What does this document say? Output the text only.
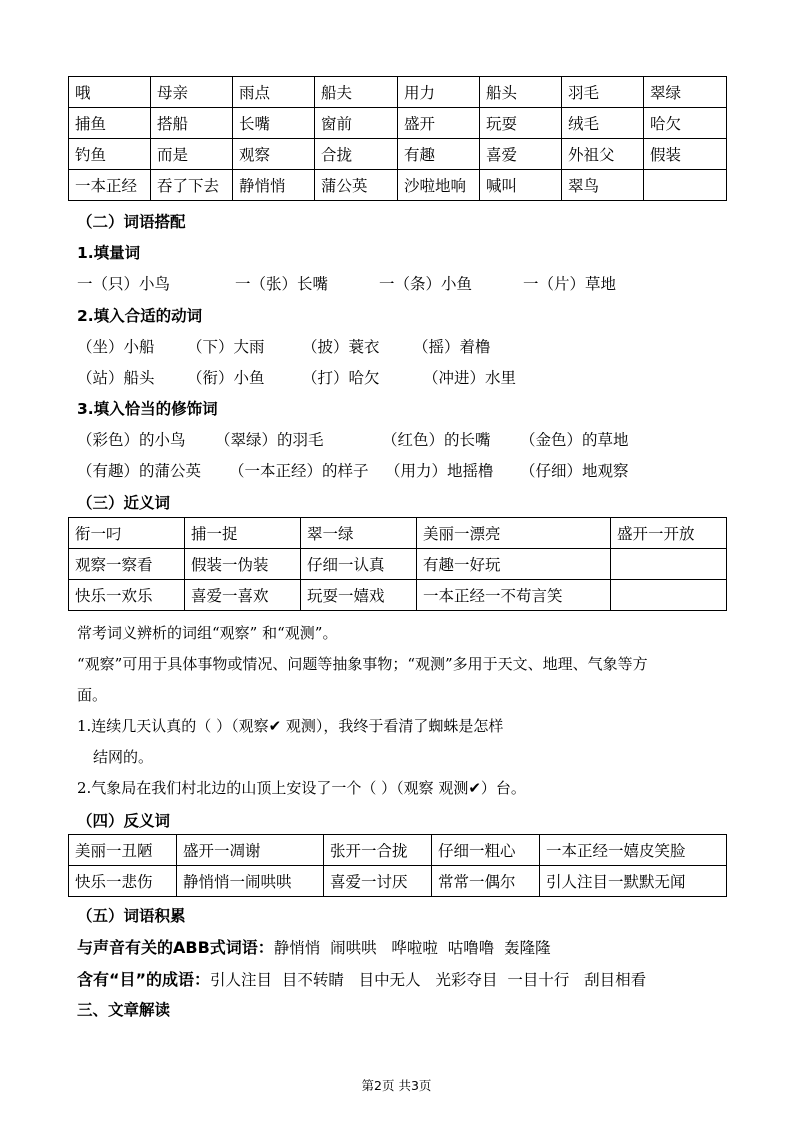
哦	母亲	雨点	船夫	用力	船头	羽毛	翠绿
捕鱼	搭船	长嘴	窗前	盛开	玩耍	绒毛	哈欠
钓鱼	而是	观察	合拢	有趣	喜爱	外祖父	假装
一本正经	吞了下去	静悄悄	蒲公英	沙啦地响	喊叫	翠鸟	
（二）词语搭配
1.填量词
一（只）小鸟	一（张）长嘴	一（条）小鱼	一（片）草地
2.填入合适的动词
（坐）小船 （下）大雨 （披）蓑衣 （摇）着橹
（站）船头 （衔）小鱼 （打）哈欠	（冲进）水里
3.填入恰当的修饰词
（彩色）的小鸟 （翠绿）的羽毛	（红色）的长嘴 （金色）的草地
（有趣）的蒲公英 （一本正经）的样子 （用力）地摇橹 （仔细）地观察
（三）近义词
衔一叼	捕一捉	翠一绿	美丽一漂亮	盛开一开放
观察一察看	假装一伪装	仔细一认真	有趣一好玩	
快乐一欢乐	喜爱一喜欢	玩耍一嬉戏	一本正经一不苟言笑	
常考词义辨析的词组“观察” 和“观测”。
“观察”可用于具体事物或情况、问题等抽象事物；“观测”多用于天文、地理、气象等方
面。
1.连续几天认真的（ ）（观察✔ 观测），我终于看清了蜘蛛是怎样
结网的。
2.气象局在我们村北边的山顶上安设了一个（ ）（观察 观测✔）台。
（四）反义词
美丽一丑陋	盛开一凋谢	张开一合拢	仔细一粗心	一本正经一嬉皮笑脸
快乐一悲伤	静悄悄一闹哄哄	喜爱一讨厌	常常一偶尔	引人注目一默默无闻
（五）词语积累
与声音有关的ABB式词语：静悄悄  闹哄哄   哗啦啦  咕噜噜  轰隆隆
含有“目”的成语：引人注目  目不转睛   目中无人   光彩夺目  一目十行   刮目相看
三、文章解读
第2页 共3页
